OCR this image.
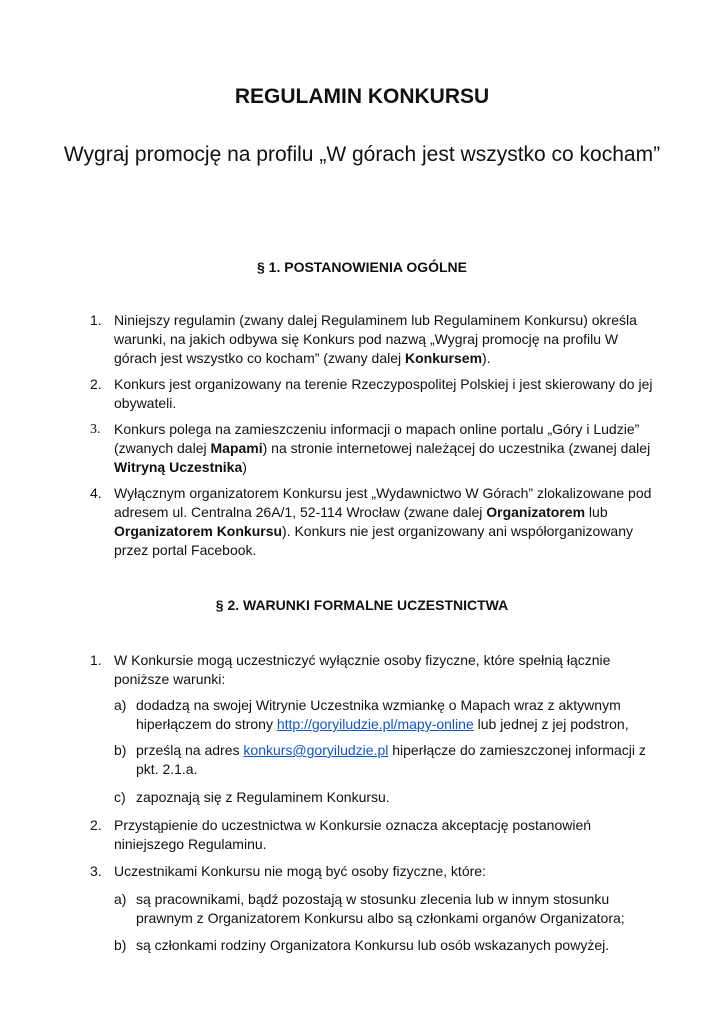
REGULAMIN KONKURSU
Wygraj promocję na profilu „W górach jest wszystko co kocham”
§ 1. POSTANOWIENIA OGÓLNE
1. Niniejszy regulamin (zwany dalej Regulaminem lub Regulaminem Konkursu) określa warunki, na jakich odbywa się Konkurs pod nazwą „Wygraj promocję na profilu W górach jest wszystko co kocham” (zwany dalej Konkursem).
2. Konkurs jest organizowany na terenie Rzeczypospolitej Polskiej i jest skierowany do jej obywateli.
3. Konkurs polega na zamieszczeniu informacji o mapach online portalu „Góry i Ludzie” (zwanych dalej Mapami) na stronie internetowej należącej do uczestnika (zwanej dalej Witryną Uczestnika)
4. Wyłącznym organizatorem Konkursu jest „Wydawnictwo W Górach” zlokalizowane pod adresem ul. Centralna 26A/1, 52-114 Wrocław (zwane dalej Organizatorem lub Organizatorem Konkursu). Konkurs nie jest organizowany ani współorganizowany przez portal Facebook.
§ 2. WARUNKI FORMALNE UCZESTNICTWA
1. W Konkursie mogą uczestniczyć wyłącznie osoby fizyczne, które spełnią łącznie poniższe warunki:
a) dodadzą na swojej Witrynie Uczestnika wzmiankę o Mapach wraz z aktywnym hiperłączem do strony http://goryiludzie.pl/mapy-online lub jednej z jej podstron,
b) prześlą na adres konkurs@goryiludzie.pl hiperłącze do zamieszczonej informacji z pkt. 2.1.a.
c) zapoznają się z Regulaminem Konkursu.
2. Przystąpienie do uczestnictwa w Konkursie oznacza akceptację postanowień niniejszego Regulaminu.
3. Uczestnikami Konkursu nie mogą być osoby fizyczne, które:
a) są pracownikami, bądź pozostają w stosunku zlecenia lub w innym stosunku prawnym z Organizatorem Konkursu albo są członkami organów Organizatora;
b) są członkami rodziny Organizatora Konkursu lub osób wskazanych powyżej.
